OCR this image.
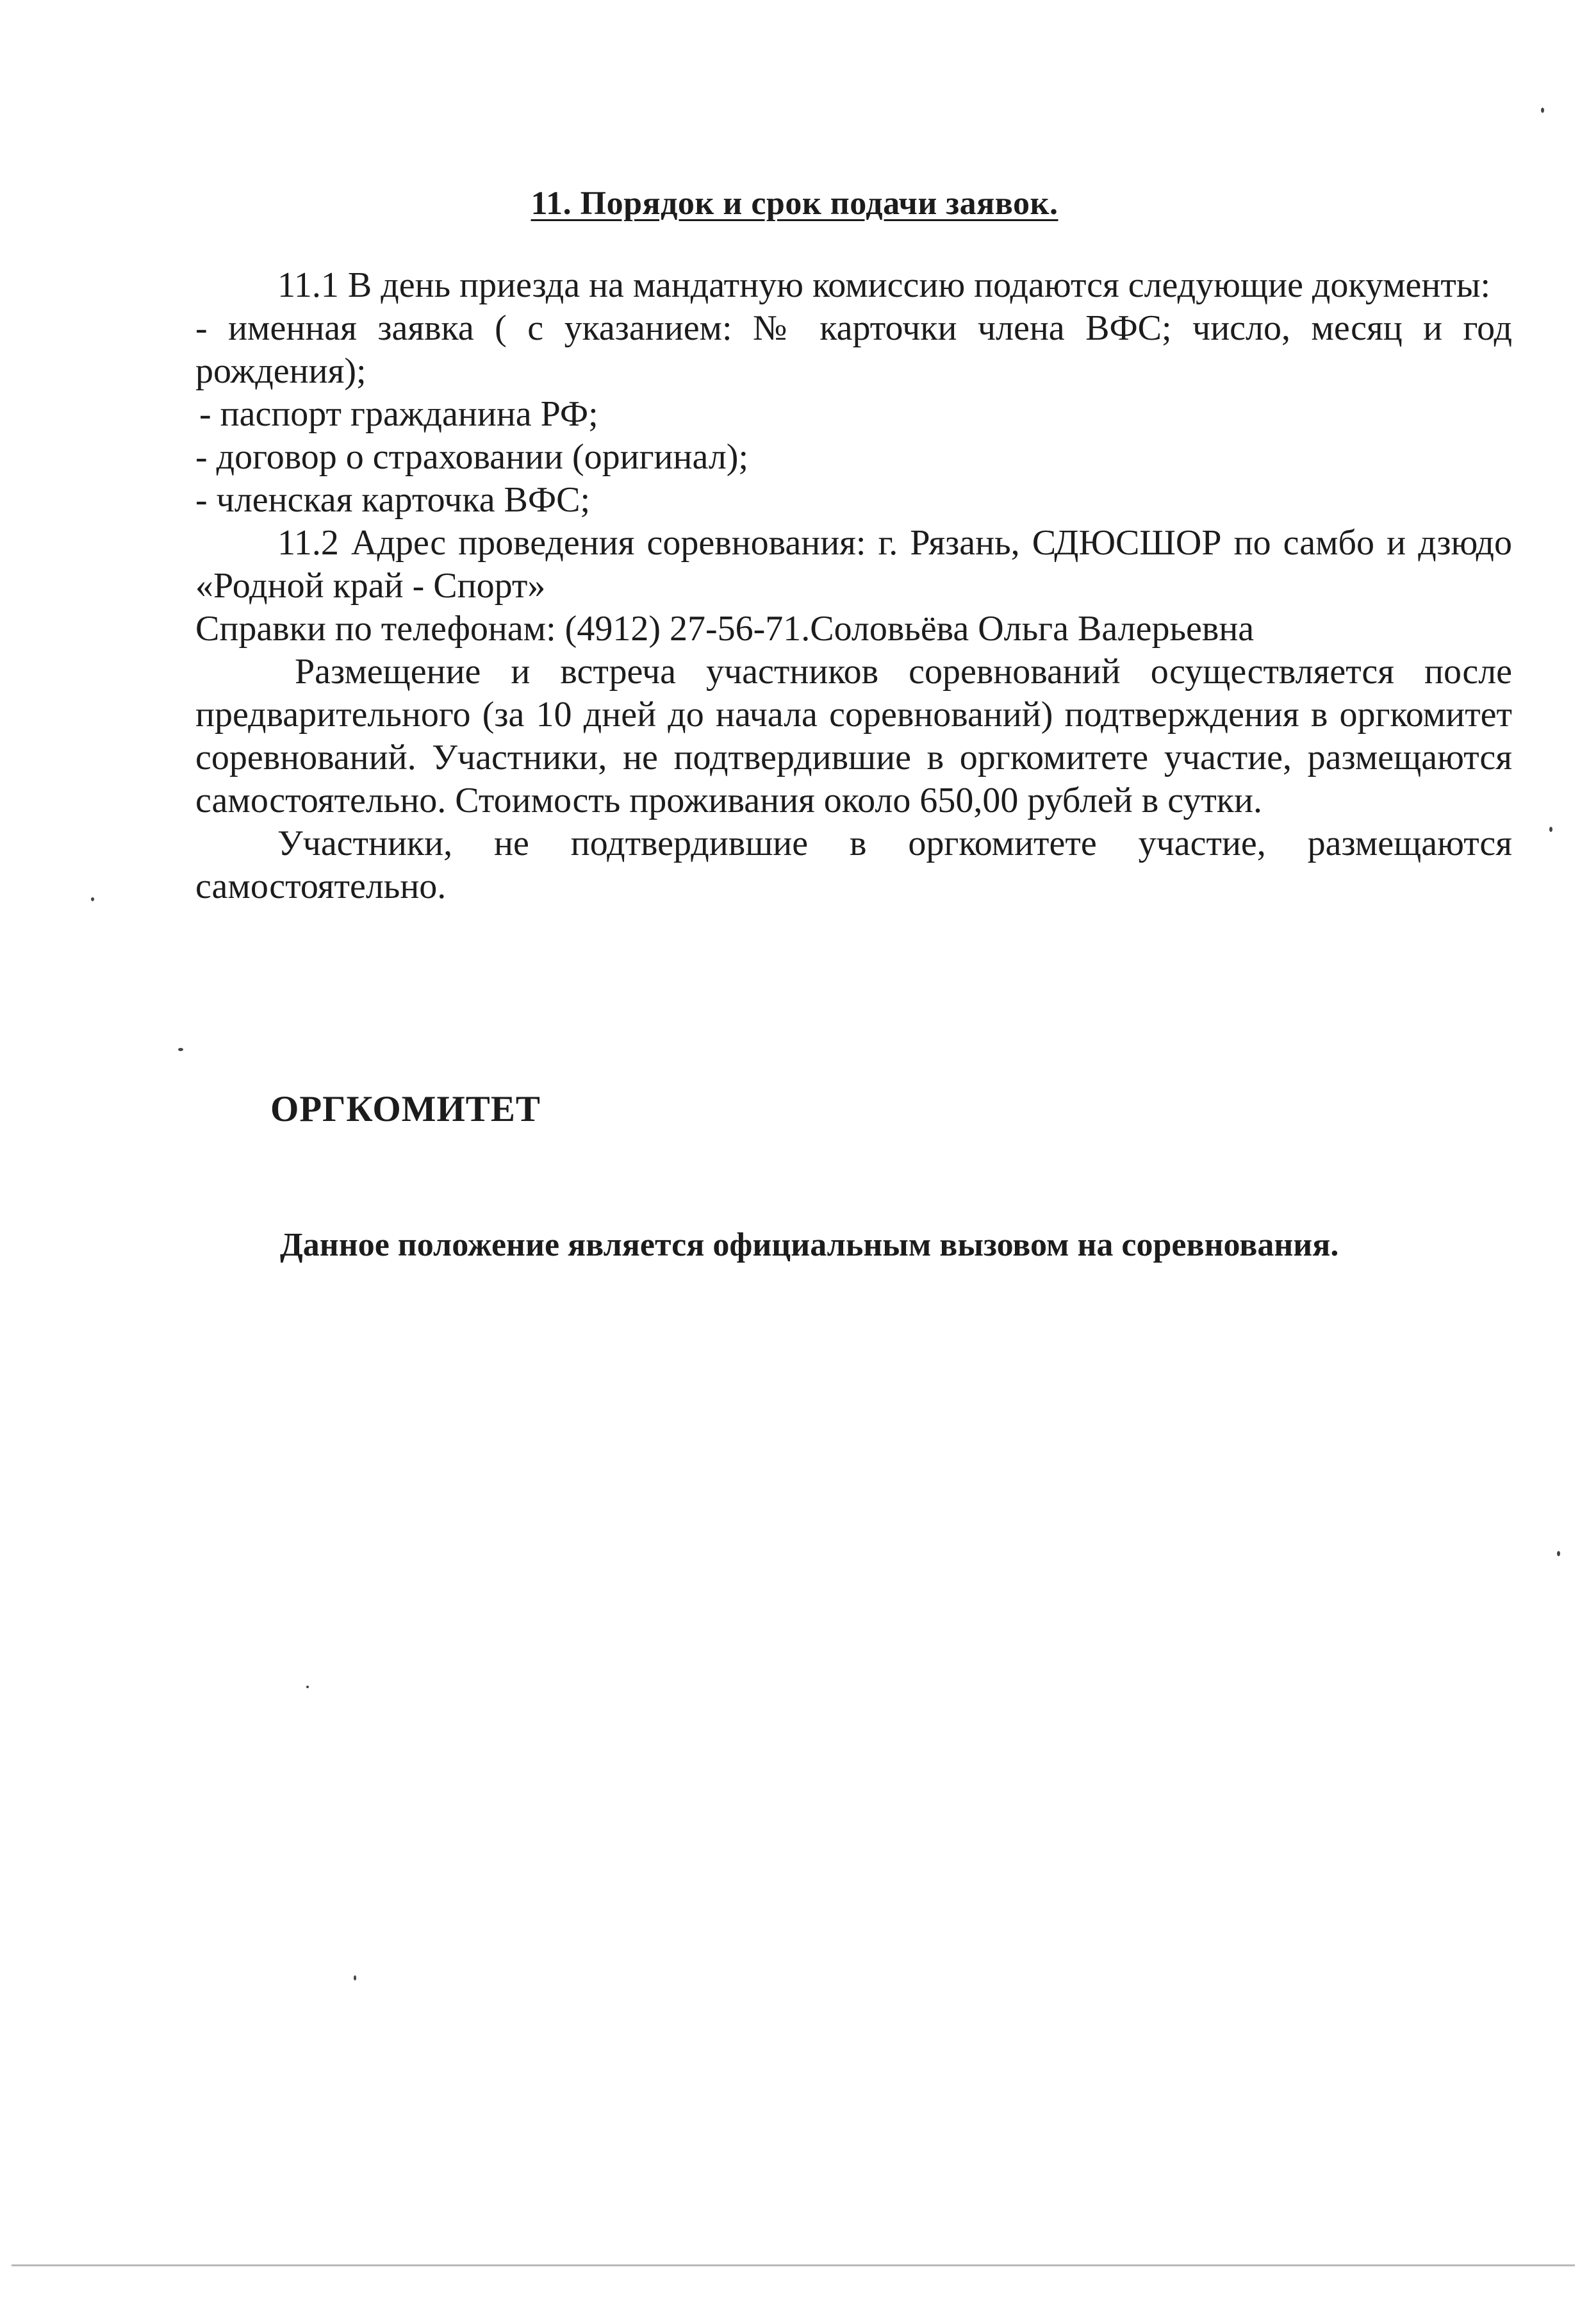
11. Порядок и срок подачи заявок.

11.1 В день приезда на мандатную комиссию подаются следующие документы:

- именная заявка ( с указанием: № карточки члена ВФС; число, месяц и год рождения);

- паспорт гражданина РФ;

- договор о страховании (оригинал);

- членская карточка ВФС;

11.2 Адрес проведения соревнования: г. Рязань, СДЮСШОР по самбо и дзюдо «Родной край - Спорт»

Справки по телефонам: (4912) 27-56-71.Соловьёва Ольга Валерьевна

Размещение и встреча участников соревнований осуществляется после предварительного (за 10 дней до начала соревнований) подтверждения в оргкомитет соревнований. Участники, не подтвердившие в оргкомитете участие, размещаются самостоятельно. Стоимость проживания около 650,00 рублей в сутки.

Участники, не подтвердившие в оргкомитете участие, размещаются самостоятельно.

ОРГКОМИТЕТ
Данное положение является официальным вызовом на соревнования.
